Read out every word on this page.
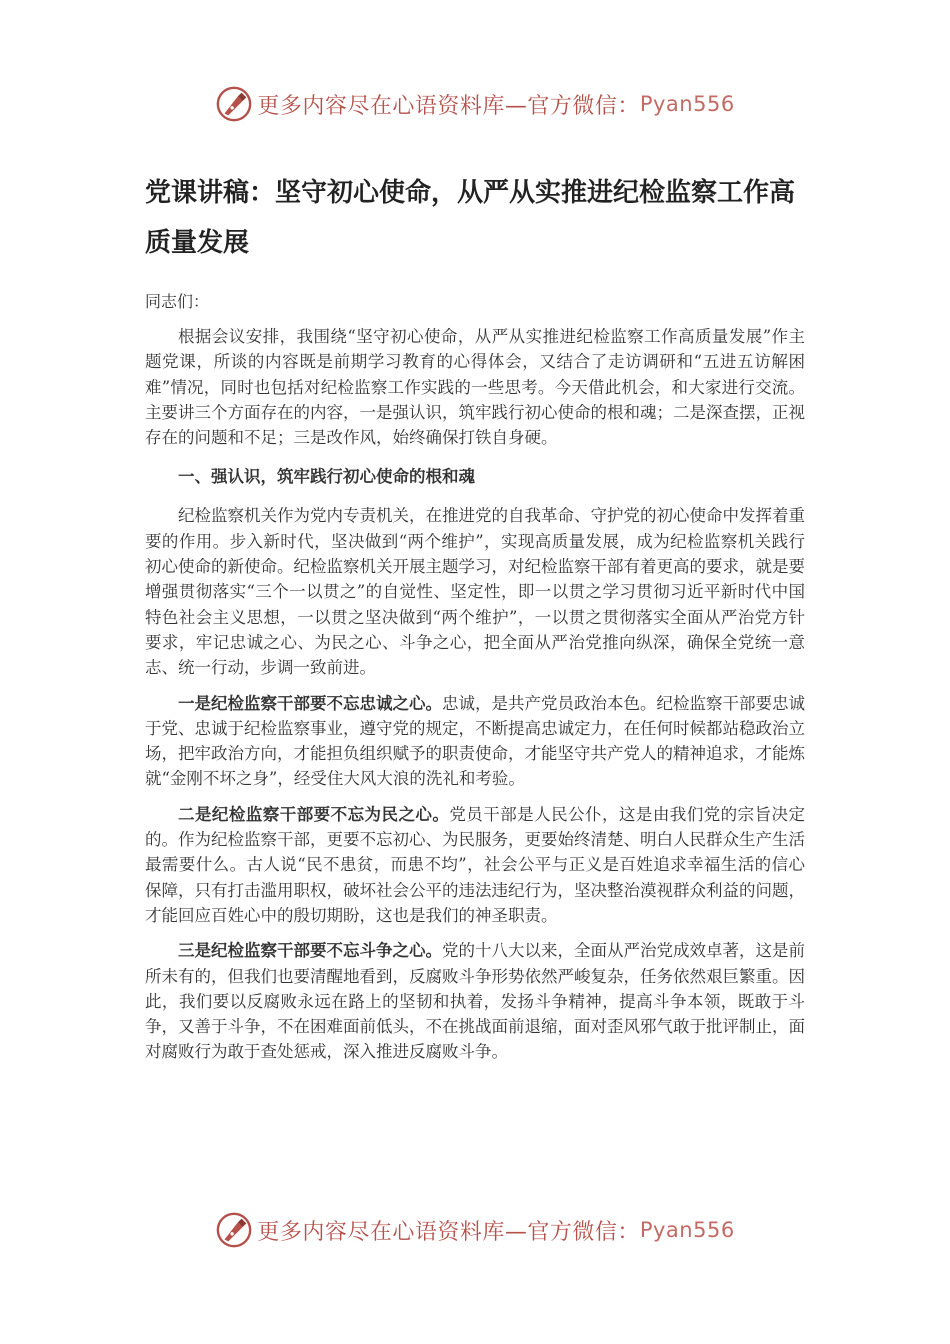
更多内容尽在心语资料库—官方微信： Pyan556
党课讲稿：坚守初心使命，从严从实推进纪检监察工作高质量发展
同志们：

根据会议安排，我围绕“坚守初心使命，从严从实推进纪检监察工作高质量发展”作主题党课，所谈的内容既是前期学习教育的心得体会，又结合了走访调研和“五进五访解困难”情况，同时也包括对纪检监察工作实践的一些思考。今天借此机会，和大家进行交流。主要讲三个方面存在的内容，一是强认识，筑牢践行初心使命的根和魂；二是深查摆，正视存在的问题和不足；三是改作风，始终确保打铁自身硬。

一、强认识，筑牢践行初心使命的根和魂

纪检监察机关作为党内专责机关，在推进党的自我革命、守护党的初心使命中发挥着重要的作用。步入新时代，坚决做到“两个维护”，实现高质量发展，成为纪检监察机关践行初心使命的新使命。纪检监察机关开展主题学习，对纪检监察干部有着更高的要求，就是要增强贯彻落实“三个一以贯之”的自觉性、坚定性，即一以贯之学习贯彻习近平新时代中国特色社会主义思想，一以贯之坚决做到“两个维护”，一以贯之贯彻落实全面从严治党方针要求，牢记忠诚之心、为民之心、斗争之心，把全面从严治党推向纵深，确保全党统一意志、统一行动，步调一致前进。

一是纪检监察干部要不忘忠诚之心。忠诚，是共产党员政治本色。纪检监察干部要忠诚于党、忠诚于纪检监察事业，遵守党的规定，不断提高忠诚定力，在任何时候都站稳政治立场，把牢政治方向，才能担负组织赋予的职责使命，才能坚守共产党人的精神追求，才能炼就“金刚不坏之身”，经受住大风大浪的洗礼和考验。

二是纪检监察干部要不忘为民之心。党员干部是人民公仆，这是由我们党的宗旨决定的。作为纪检监察干部，更要不忘初心、为民服务，更要始终清楚、明白人民群众生产生活最需要什么。古人说“民不患贫，而患不均”，社会公平与正义是百姓追求幸福生活的信心保障，只有打击滥用职权，破坏社会公平的违法违纪行为，坚决整治漠视群众利益的问题，才能回应百姓心中的殷切期盼，这也是我们的神圣职责。

三是纪检监察干部要不忘斗争之心。党的十八大以来，全面从严治党成效卓著，这是前所未有的，但我们也要清醒地看到，反腐败斗争形势依然严峻复杂，任务依然艰巨繁重。因此，我们要以反腐败永远在路上的坚韧和执着，发扬斗争精神，提高斗争本领，既敢于斗争，又善于斗争，不在困难面前低头，不在挑战面前退缩，面对歪风邪气敢于批评制止，面对腐败行为敢于查处惩戒，深入推进反腐败斗争。

更多内容尽在心语资料库—官方微信： Pyan556
